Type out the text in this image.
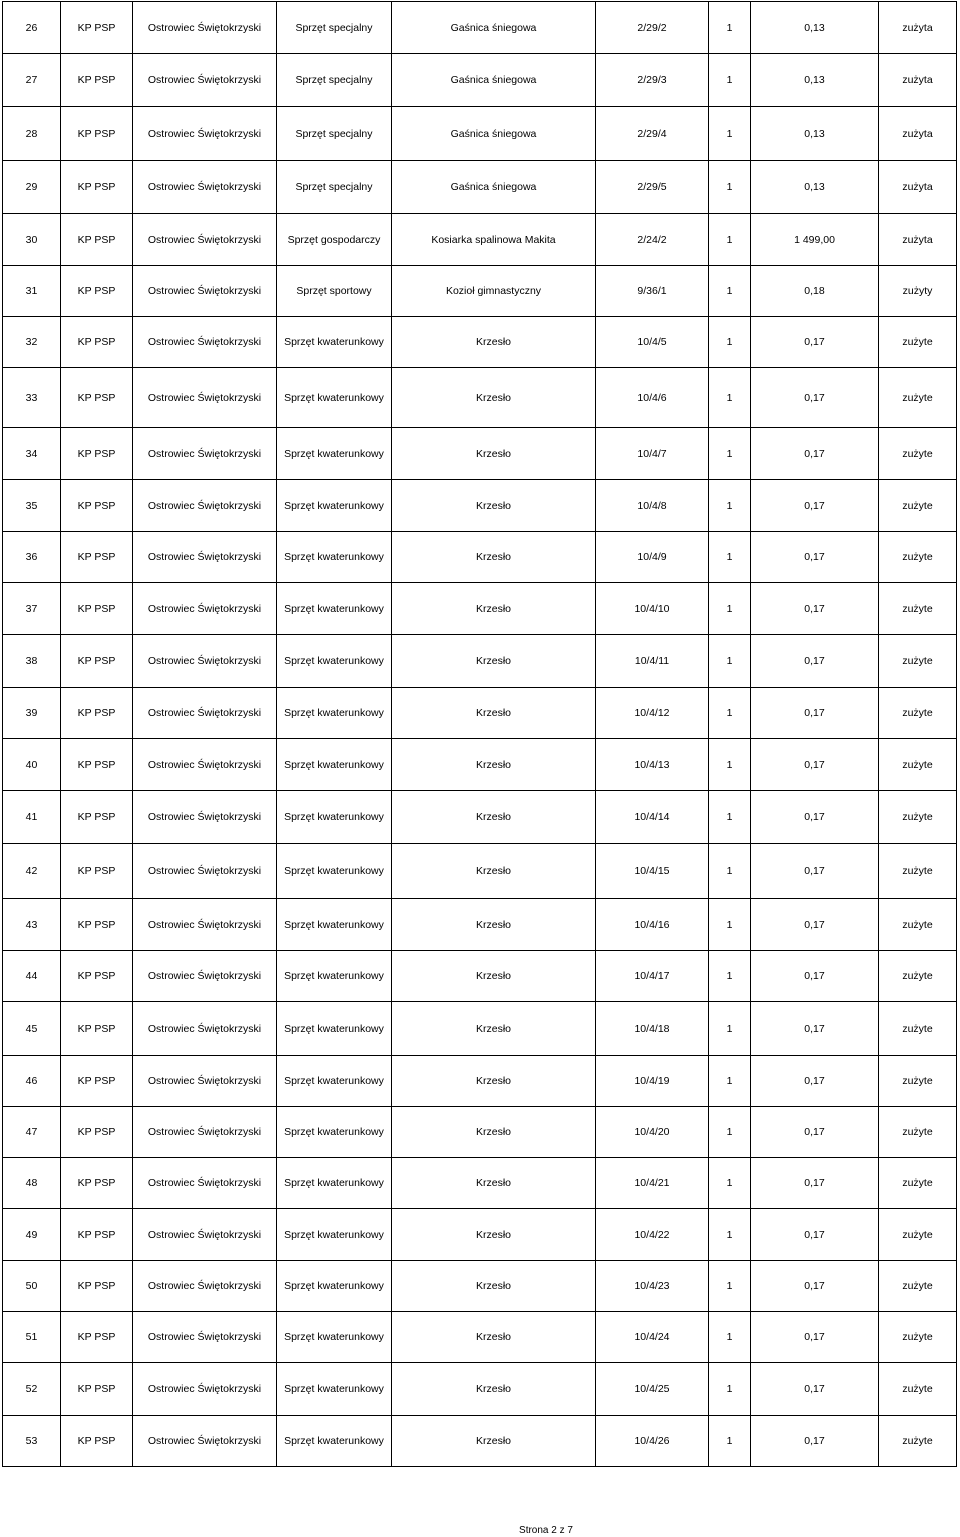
26	KP PSP	Ostrowiec Świętokrzyski	Sprzęt specjalny	Gaśnica śniegowa	2/29/2	1	0,13	zużyta
27	KP PSP	Ostrowiec Świętokrzyski	Sprzęt specjalny	Gaśnica śniegowa	2/29/3	1	0,13	zużyta
28	KP PSP	Ostrowiec Świętokrzyski	Sprzęt specjalny	Gaśnica śniegowa	2/29/4	1	0,13	zużyta
29	KP PSP	Ostrowiec Świętokrzyski	Sprzęt specjalny	Gaśnica śniegowa	2/29/5	1	0,13	zużyta
30	KP PSP	Ostrowiec Świętokrzyski	Sprzęt gospodarczy	Kosiarka spalinowa Makita	2/24/2	1	1 499,00	zużyta
31	KP PSP	Ostrowiec Świętokrzyski	Sprzęt sportowy	Kozioł gimnastyczny	9/36/1	1	0,18	zużyty
32	KP PSP	Ostrowiec Świętokrzyski	Sprzęt kwaterunkowy	Krzesło	10/4/5	1	0,17	zużyte
33	KP PSP	Ostrowiec Świętokrzyski	Sprzęt kwaterunkowy	Krzesło	10/4/6	1	0,17	zużyte
34	KP PSP	Ostrowiec Świętokrzyski	Sprzęt kwaterunkowy	Krzesło	10/4/7	1	0,17	zużyte
35	KP PSP	Ostrowiec Świętokrzyski	Sprzęt kwaterunkowy	Krzesło	10/4/8	1	0,17	zużyte
36	KP PSP	Ostrowiec Świętokrzyski	Sprzęt kwaterunkowy	Krzesło	10/4/9	1	0,17	zużyte
37	KP PSP	Ostrowiec Świętokrzyski	Sprzęt kwaterunkowy	Krzesło	10/4/10	1	0,17	zużyte
38	KP PSP	Ostrowiec Świętokrzyski	Sprzęt kwaterunkowy	Krzesło	10/4/11	1	0,17	zużyte
39	KP PSP	Ostrowiec Świętokrzyski	Sprzęt kwaterunkowy	Krzesło	10/4/12	1	0,17	zużyte
40	KP PSP	Ostrowiec Świętokrzyski	Sprzęt kwaterunkowy	Krzesło	10/4/13	1	0,17	zużyte
41	KP PSP	Ostrowiec Świętokrzyski	Sprzęt kwaterunkowy	Krzesło	10/4/14	1	0,17	zużyte
42	KP PSP	Ostrowiec Świętokrzyski	Sprzęt kwaterunkowy	Krzesło	10/4/15	1	0,17	zużyte
43	KP PSP	Ostrowiec Świętokrzyski	Sprzęt kwaterunkowy	Krzesło	10/4/16	1	0,17	zużyte
44	KP PSP	Ostrowiec Świętokrzyski	Sprzęt kwaterunkowy	Krzesło	10/4/17	1	0,17	zużyte
45	KP PSP	Ostrowiec Świętokrzyski	Sprzęt kwaterunkowy	Krzesło	10/4/18	1	0,17	zużyte
46	KP PSP	Ostrowiec Świętokrzyski	Sprzęt kwaterunkowy	Krzesło	10/4/19	1	0,17	zużyte
47	KP PSP	Ostrowiec Świętokrzyski	Sprzęt kwaterunkowy	Krzesło	10/4/20	1	0,17	zużyte
48	KP PSP	Ostrowiec Świętokrzyski	Sprzęt kwaterunkowy	Krzesło	10/4/21	1	0,17	zużyte
49	KP PSP	Ostrowiec Świętokrzyski	Sprzęt kwaterunkowy	Krzesło	10/4/22	1	0,17	zużyte
50	KP PSP	Ostrowiec Świętokrzyski	Sprzęt kwaterunkowy	Krzesło	10/4/23	1	0,17	zużyte
51	KP PSP	Ostrowiec Świętokrzyski	Sprzęt kwaterunkowy	Krzesło	10/4/24	1	0,17	zużyte
52	KP PSP	Ostrowiec Świętokrzyski	Sprzęt kwaterunkowy	Krzesło	10/4/25	1	0,17	zużyte
53	KP PSP	Ostrowiec Świętokrzyski	Sprzęt kwaterunkowy	Krzesło	10/4/26	1	0,17	zużyte
Strona 2 z 7
